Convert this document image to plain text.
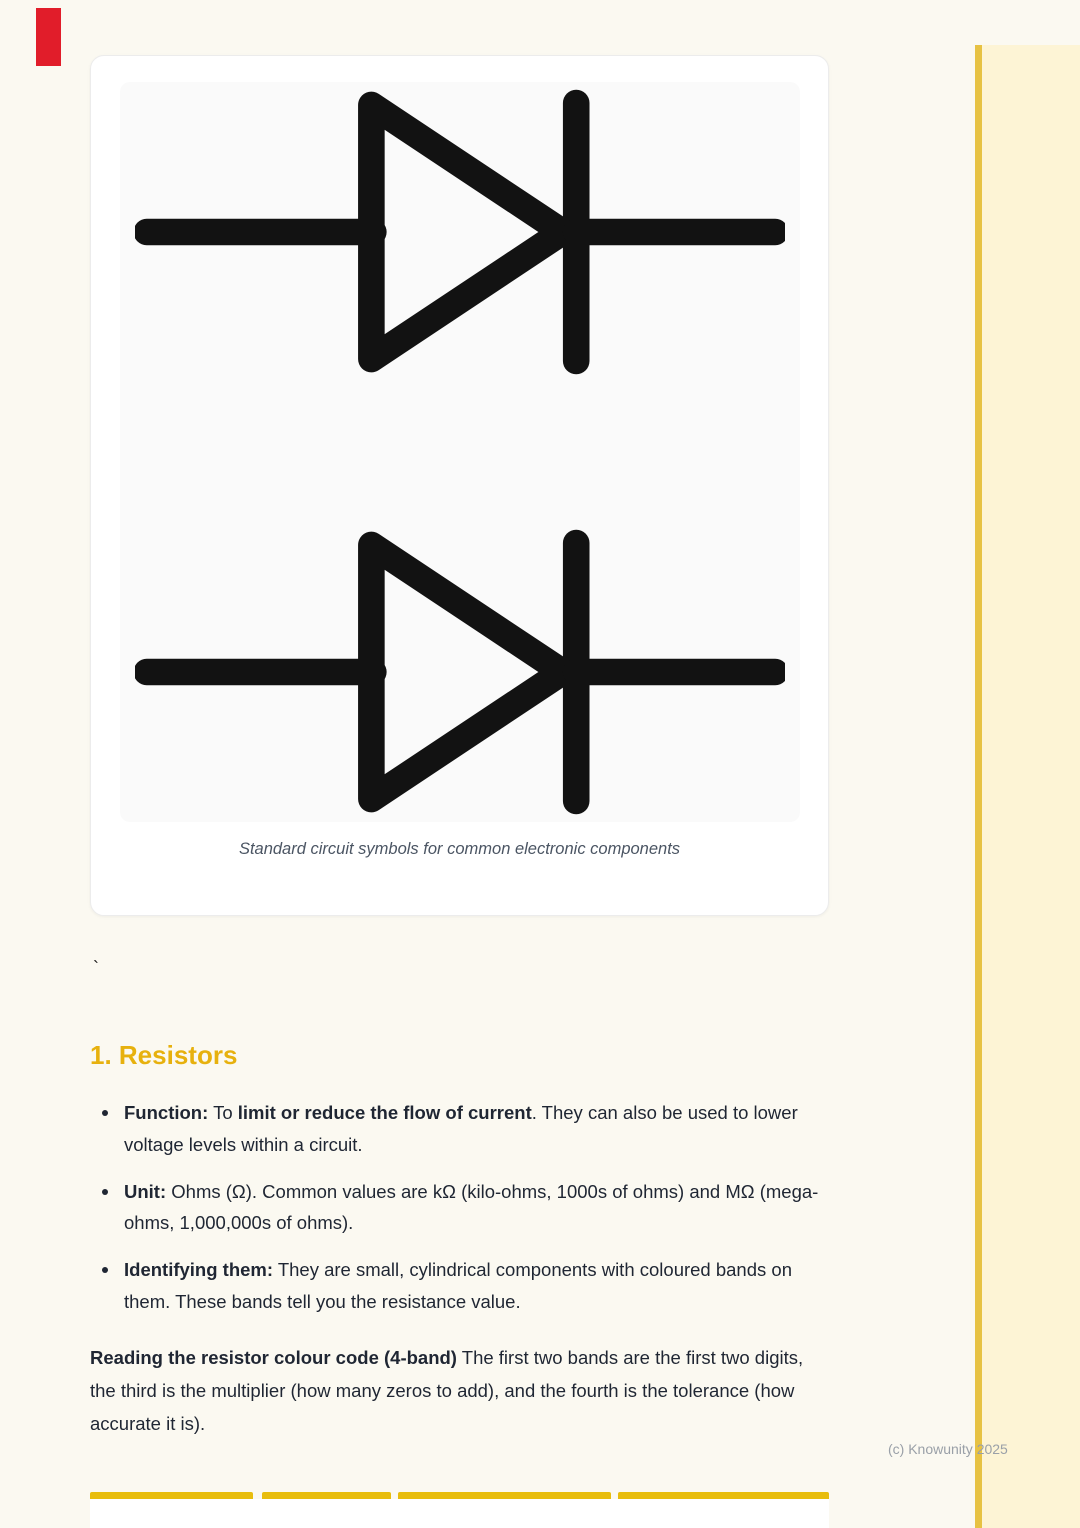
Standard circuit symbols for common electronic components
`
1. Resistors
Function: To limit or reduce the flow of current. They can also be used to lower voltage levels within a circuit.
Unit: Ohms (Ω). Common values are kΩ (kilo-ohms, 1000s of ohms) and MΩ (mega-ohms, 1,000,000s of ohms).
Identifying them: They are small, cylindrical components with coloured bands on them. These bands tell you the resistance value.

Reading the resistor colour code (4-band) The first two bands are the first two digits, the third is the multiplier (how many zeros to add), and the fourth is the tolerance (how accurate it is).

(c) Knowunity 2025
